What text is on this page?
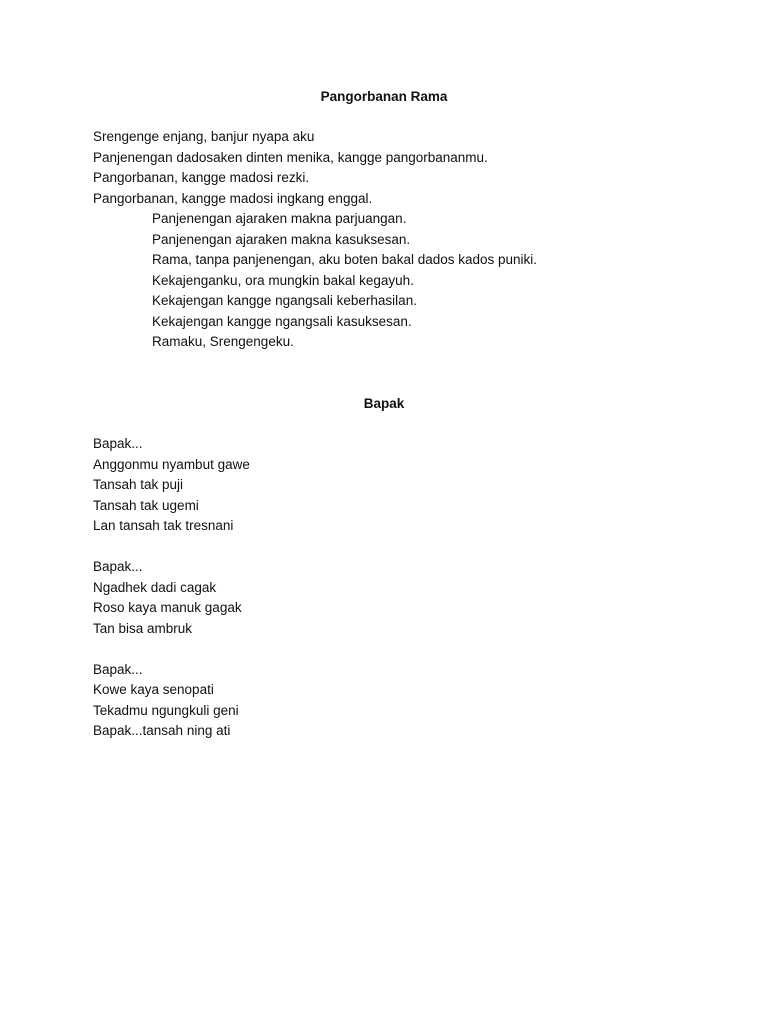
Pangorbanan Rama
Srengenge enjang, banjur nyapa aku
Panjenengan dadosaken dinten menika, kangge pangorbananmu.
Pangorbanan, kangge madosi rezki.
Pangorbanan, kangge madosi ingkang enggal.
Panjenengan ajaraken makna parjuangan.
Panjenengan ajaraken makna kasuksesan.
Rama, tanpa panjenengan, aku boten bakal dados kados puniki.
Kekajenganku, ora mungkin bakal kegayuh.
Kekajengan kangge ngangsali keberhasilan.
Kekajengan kangge ngangsali kasuksesan.
Ramaku, Srengengeku.
Bapak
Bapak...
Anggonmu nyambut gawe
Tansah tak puji
Tansah tak ugemi
Lan tansah tak tresnani
Bapak...
Ngadhek dadi cagak
Roso kaya manuk gagak
Tan bisa ambruk
Bapak...
Kowe kaya senopati
Tekadmu ngungkuli geni
Bapak...tansah ning ati
